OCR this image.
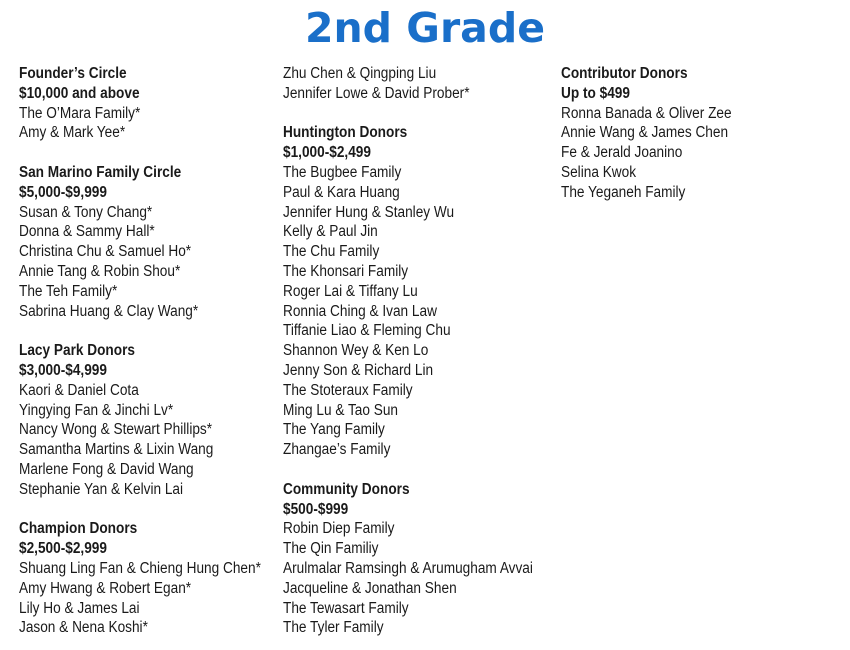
2nd Grade
Founder’s Circle
$10,000 and above
The O’Mara Family*
Amy & Mark Yee*
San Marino Family Circle
$5,000-$9,999
Susan & Tony Chang*
Donna & Sammy Hall*
Christina Chu & Samuel Ho*
Annie Tang & Robin Shou*
The Teh Family*
Sabrina Huang & Clay Wang*
Lacy Park Donors
$3,000-$4,999
Kaori & Daniel Cota
Yingying Fan & Jinchi Lv*
Nancy Wong & Stewart Phillips*
Samantha Martins & Lixin Wang
Marlene Fong & David Wang
Stephanie Yan & Kelvin Lai
Champion Donors
$2,500-$2,999
Shuang Ling Fan & Chieng Hung Chen*
Amy Hwang & Robert Egan*
Lily Ho & James Lai
Jason & Nena Koshi*
Zhu Chen & Qingping Liu
Jennifer Lowe & David Prober*
Huntington Donors
$1,000-$2,499
The Bugbee Family
Paul & Kara Huang
Jennifer Hung & Stanley Wu
Kelly & Paul Jin
The Chu Family
The Khonsari Family
Roger Lai & Tiffany Lu
Ronnia Ching & Ivan Law
Tiffanie Liao & Fleming Chu
Shannon Wey & Ken Lo
Jenny Son & Richard Lin
The Stoteraux Family
Ming Lu & Tao Sun
The Yang Family
Zhangae’s Family
Community Donors
$500-$999
Robin Diep Family
The Qin Familiy
Arulmalar Ramsingh & Arumugham Avvai
Jacqueline & Jonathan Shen
The Tewasart Family
The Tyler Family
Contributor Donors
Up to $499
Ronna Banada & Oliver Zee
Annie Wang & James Chen
Fe & Jerald Joanino
Selina Kwok
The Yeganeh Family
